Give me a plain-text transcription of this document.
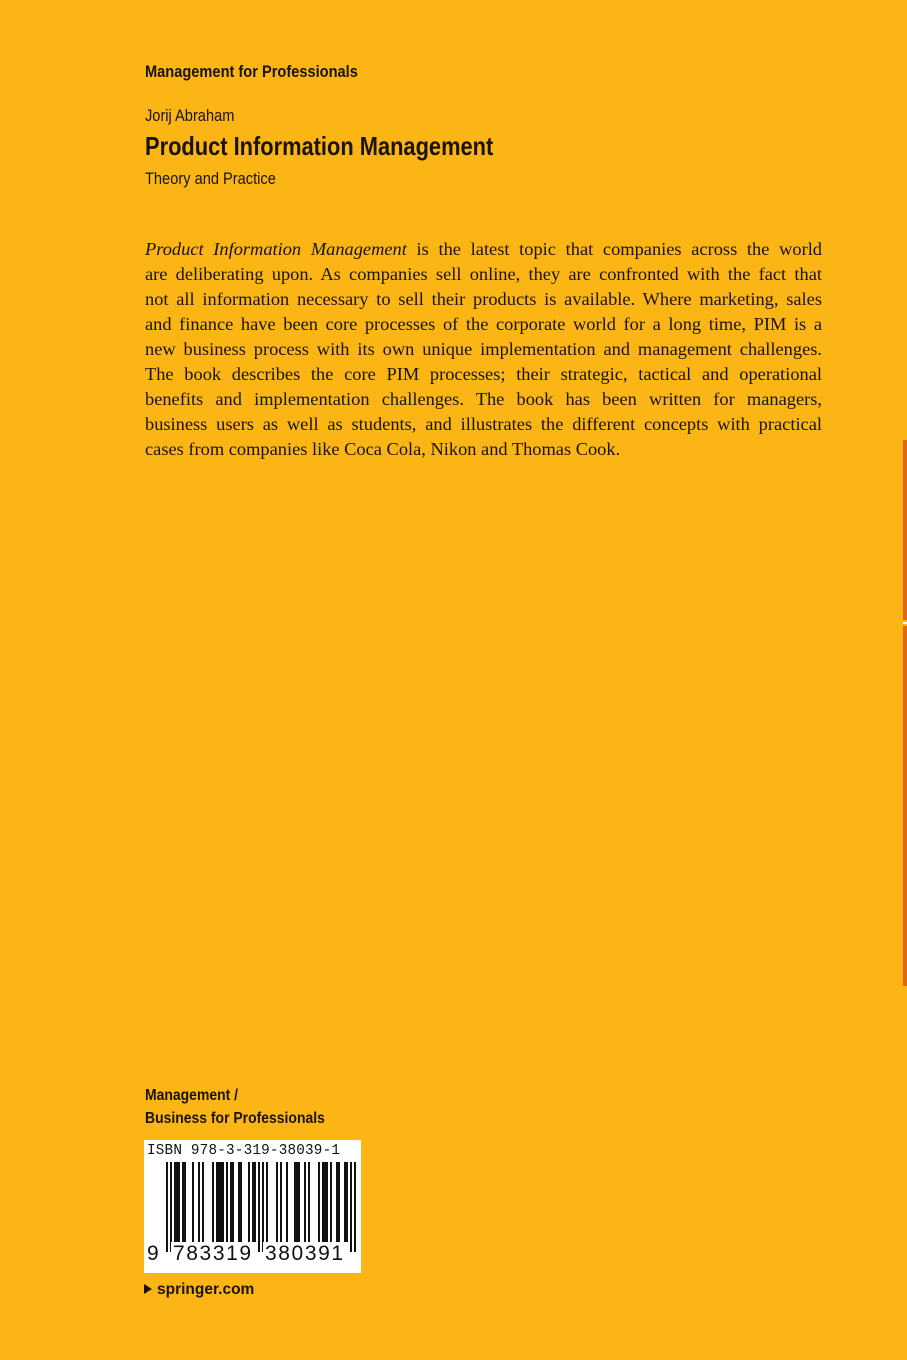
Management for Professionals
Jorij Abraham
Product Information Management
Theory and Practice
Product Information Management is the latest topic that companies across the world
are deliberating upon. As companies sell online, they are confronted with the fact that
not all information necessary to sell their products is available. Where marketing, sales
and finance have been core processes of the corporate world for a long time, PIM is a
new business process with its own unique implementation and management challenges.
The book describes the core PIM processes; their strategic, tactical and operational
benefits and implementation challenges. The book has been written for managers,
business users as well as students, and illustrates the different concepts with practical
cases from companies like Coca Cola, Nikon and Thomas Cook.
Management /
Business for Professionals
ISBN 978-3-319-38039-1
9 783319 380391
springer.com
